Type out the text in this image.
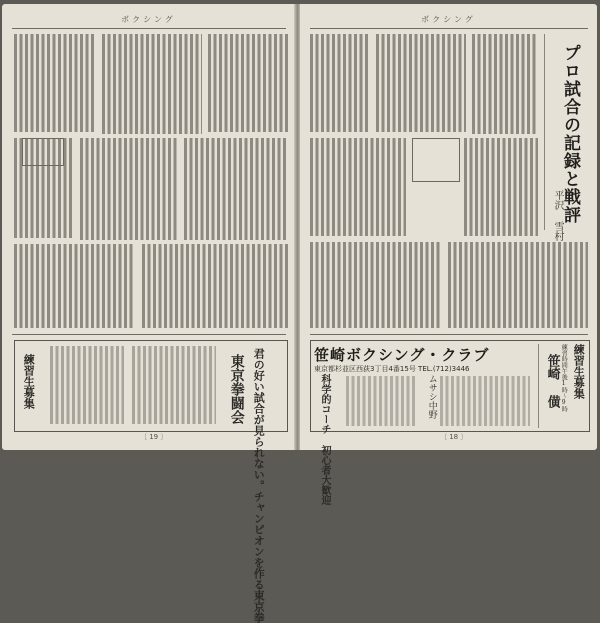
ボクシング
君の好い試合が見られない。チャンピオンを作る東京拳
東京拳闘会
練習生募集
〔 19 〕
ボクシング
プロ試合の記録と戦評
平沢 雪村
笹崎ボクシング・クラブ
東京都杉並区西荻3丁目4番15号 TEL.(712)3446
科学的コーチ 初心者大歓迎	ムサシ中野	練習生募集
練習時間午後1時〜9時
笹崎 僙
〔 18 〕
